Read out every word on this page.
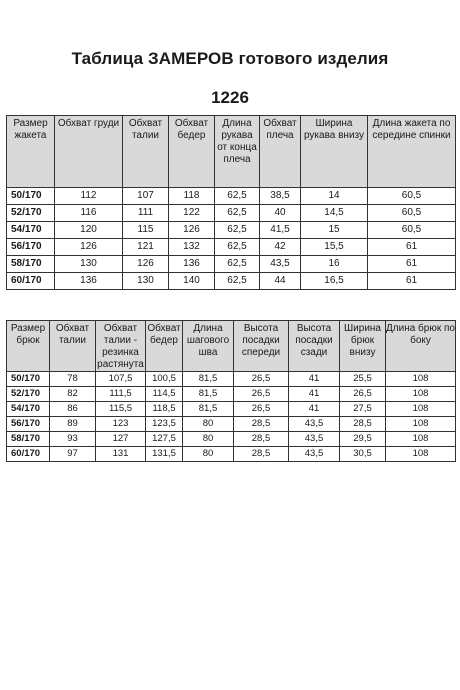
Таблица ЗАМЕРОВ готового изделия
1226
Размер жакета	Обхват груди	Обхват талии	Обхват бедер	Длина рукава от конца плеча	Обхват плеча	Ширина рукава внизу	Длина жакета по середине спинки
50/170	112	107	118	62,5	38,5	14	60,5
52/170	116	111	122	62,5	40	14,5	60,5
54/170	120	115	126	62,5	41,5	15	60,5
56/170	126	121	132	62,5	42	15,5	61
58/170	130	126	136	62,5	43,5	16	61
60/170	136	130	140	62,5	44	16,5	61
Размер брюк	Обхват талии	Обхват талии - резинка растянута	Обхват бедер	Длина шагового шва	Высота посадки спереди	Высота посадки сзади	Ширина брюк внизу	Длина брюк по боку
50/170	78	107,5	100,5	81,5	26,5	41	25,5	108
52/170	82	111,5	114,5	81,5	26,5	41	26,5	108
54/170	86	115,5	118,5	81,5	26,5	41	27,5	108
56/170	89	123	123,5	80	28,5	43,5	28,5	108
58/170	93	127	127,5	80	28,5	43,5	29,5	108
60/170	97	131	131,5	80	28,5	43,5	30,5	108
